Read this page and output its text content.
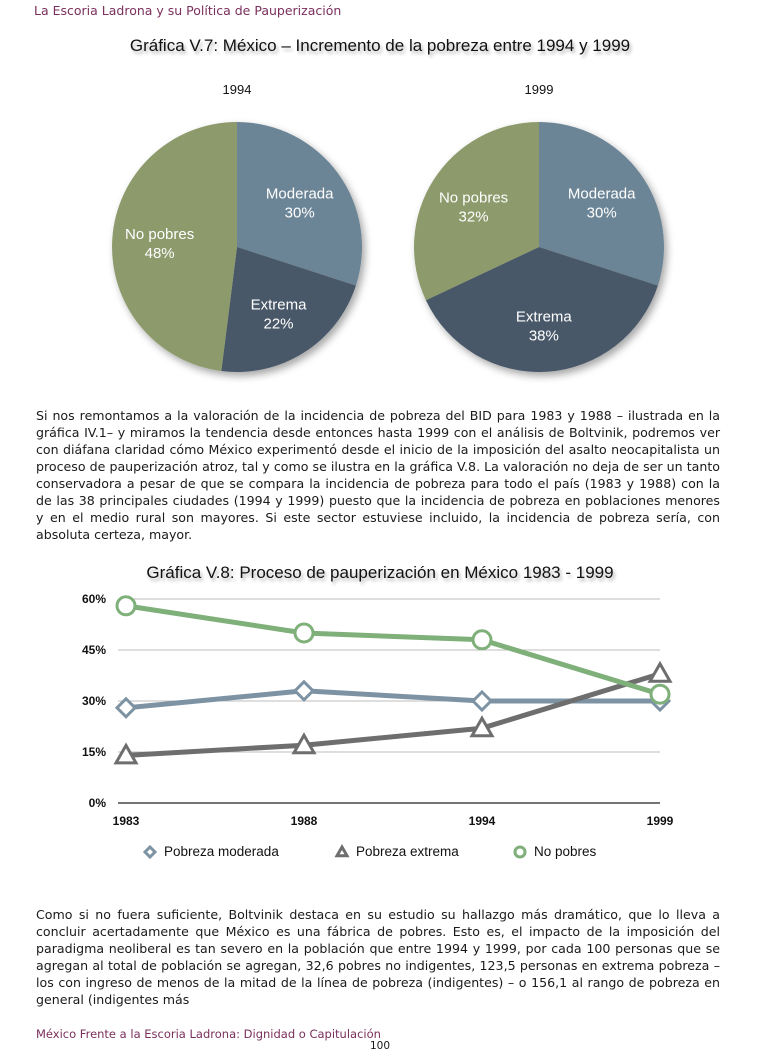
La Escoria Ladrona y su Política de Pauperización
Gráfica V.7: México – Incremento de la pobreza entre 1994 y 1999
1994
Moderada
30%
Extrema
22%
No pobres
48%
1999
Moderada
30%
Extrema
38%
No pobres
32%
Si nos remontamos a la valoración de la incidencia de pobreza del BID para 1983 y 1988 – ilustrada en la gráfica IV.1– y miramos la tendencia desde entonces hasta 1999 con el análisis de Boltvinik, podremos ver con diáfana claridad cómo México experimentó desde el inicio de la imposición del asalto neocapitalista un proceso de pauperización atroz, tal y como se ilustra en la gráfica V.8. La valoración no deja de ser un tanto conservadora a pesar de que se compara la incidencia de pobreza para todo el país (1983 y 1988) con la de las 38 principales ciudades (1994 y 1999) puesto que la incidencia de pobreza en poblaciones menores y en el medio rural son mayores. Si este sector estuviese incluido, la incidencia de pobreza sería, con absoluta certeza, mayor.
Gráfica V.8: Proceso de pauperización en México 1983 - 1999
0%
15%
30%
45%
60%
1983	1988	1994	1999
Pobreza moderada	Pobreza extrema	No pobres
Como si no fuera suficiente, Boltvinik destaca en su estudio su hallazgo más dramático, que lo lleva a concluir acertadamente que México es una fábrica de pobres. Esto es, el impacto de la imposición del paradigma neoliberal es tan severo en la población que entre 1994 y 1999, por cada 100 personas que se agregan al total de población se agregan, 32,6 pobres no indigentes, 123,5 personas en extrema pobreza –los con ingreso de menos de la mitad de la línea de pobreza (indigentes) – o 156,1 al rango de pobreza en general (indigentes más
México Frente a la Escoria Ladrona: Dignidad o Capitulación
100
